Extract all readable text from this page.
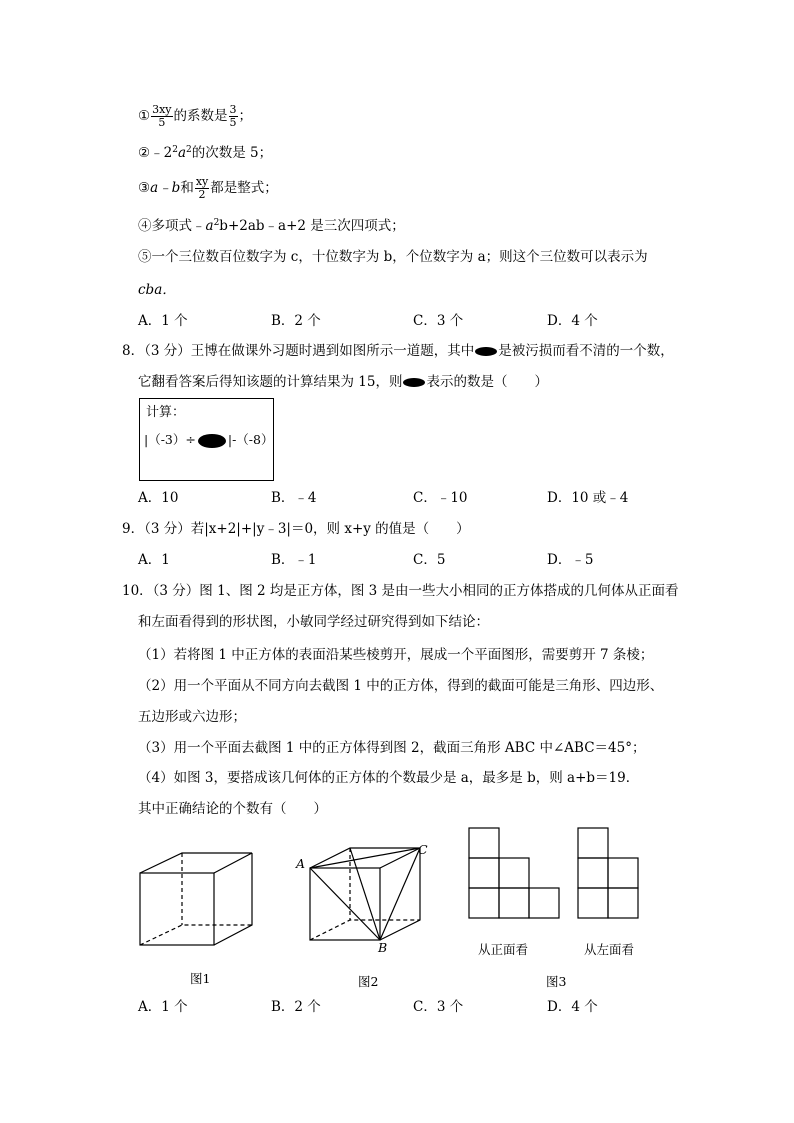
① $\frac{3xy}{5}$ 的系数是 $\frac{3}{5}$ ；
$②﹣2^2a^2$的次数是 5；
③a﹣b和 $\frac{xy}{2}$ 都是整式；
④多项式$﹣a^2b+2ab﹣a+2$ 是三次四项式；
⑤一个三位数百位数字为 c，十位数字为 b，个位数字为 a；则这个三位数可以表示为
cba．
A．1 个	B．2 个	C．3 个	D．4 个
8．（3 分）王博在做课外习题时遇到如图所示一道题，其中 是被污损而看不清的一个数，
它翻看答案后得知该题的计算结果为 15，则 表示的数是（　　）
计算：
|（-3）÷	|-（-8）
A．10	B．﹣4	C．﹣10	D．10 或﹣4
9．（3 分）若|x+2|+|y﹣3|＝0，则 x+y 的值是（　　）
A．1	B．﹣1	C．5	D．﹣5
10．（3 分）图 1、图 2 均是正方体，图 3 是由一些大小相同的正方体搭成的几何体从正面看
和左面看得到的形状图，小敏同学经过研究得到如下结论：
（1）若将图 1 中正方体的表面沿某些棱剪开，展成一个平面图形，需要剪开 7 条棱；
（2）用一个平面从不同方向去截图 1 中的正方体，得到的截面可能是三角形、四边形、
五边形或六边形；
（3）用一个平面去截图 1 中的正方体得到图 2，截面三角形 ABC 中∠ABC＝45°；
（4）如图 3，要搭成该几何体的正方体的个数最少是 a，最多是 b，则 a+b＝19．
其中正确结论的个数有（　　）
图1
A
B
C
图2
从正面看	从左面看
图3
A．1 个	B．2 个	C．3 个	D．4 个
